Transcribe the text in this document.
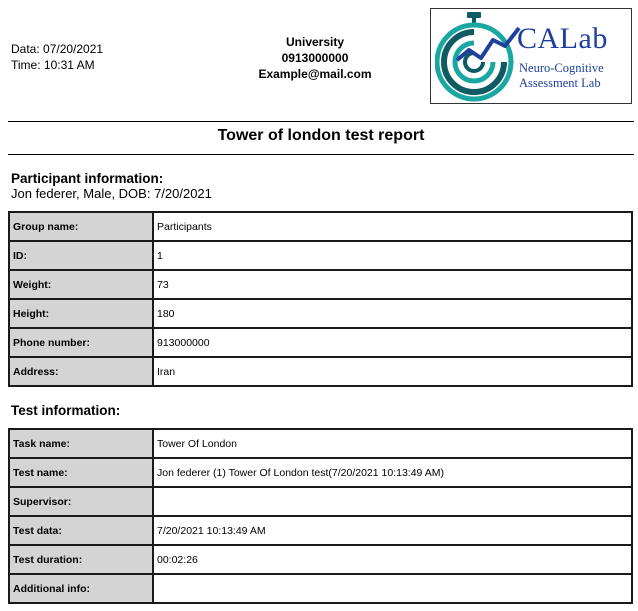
Data: 07/20/2021
Time: 10:31 AM
University
0913000000
Example@mail.com
CALab
Neuro-Cognitive
Assessment Lab
Tower of london test report
Participant information:
Jon federer, Male, DOB: 7/20/2021
Group name:	Participants
ID:	1
Weight:	73
Height:	180
Phone number:	913000000
Address:	Iran
Test information:
Task name:	Tower Of London
Test name:	Jon federer (1) Tower Of London test(7/20/2021 10:13:49 AM)
Supervisor:	
Test data:	7/20/2021 10:13:49 AM
Test duration:	00:02:26
Additional info:	
